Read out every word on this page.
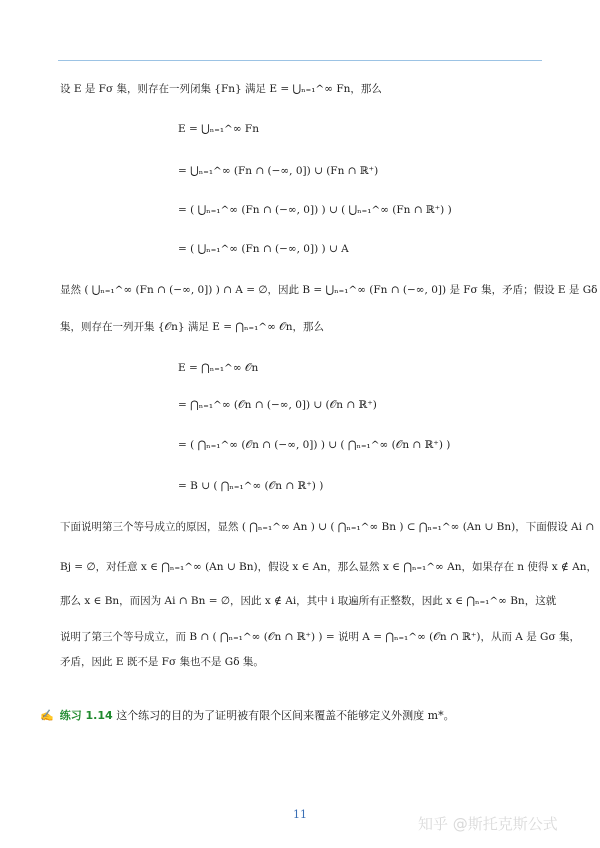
设 E 是 Fσ 集，则存在一列闭集 {Fn} 满足 E = ⋃ₙ₌₁^∞ Fn，那么
E = ⋃ₙ₌₁^∞ Fn
= ⋃ₙ₌₁^∞ (Fn ∩ (−∞, 0]) ∪ (Fn ∩ ℝ⁺)
= ( ⋃ₙ₌₁^∞ (Fn ∩ (−∞, 0]) ) ∪ ( ⋃ₙ₌₁^∞ (Fn ∩ ℝ⁺) )
= ( ⋃ₙ₌₁^∞ (Fn ∩ (−∞, 0]) ) ∪ A
显然 ( ⋃ₙ₌₁^∞ (Fn ∩ (−∞, 0]) ) ∩ A = ∅，因此 B = ⋃ₙ₌₁^∞ (Fn ∩ (−∞, 0]) 是 Fσ 集，矛盾；假设 E 是 Gδ
集，则存在一列开集 {𝒪n} 满足 E = ⋂ₙ₌₁^∞ 𝒪n，那么
E = ⋂ₙ₌₁^∞ 𝒪n
= ⋂ₙ₌₁^∞ (𝒪n ∩ (−∞, 0]) ∪ (𝒪n ∩ ℝ⁺)
= ( ⋂ₙ₌₁^∞ (𝒪n ∩ (−∞, 0]) ) ∪ ( ⋂ₙ₌₁^∞ (𝒪n ∩ ℝ⁺) )
= B ∪ ( ⋂ₙ₌₁^∞ (𝒪n ∩ ℝ⁺) )
下面说明第三个等号成立的原因，显然 ( ⋂ₙ₌₁^∞ An ) ∪ ( ⋂ₙ₌₁^∞ Bn ) ⊂ ⋂ₙ₌₁^∞ (An ∪ Bn)，下面假设 Ai ∩
Bj = ∅，对任意 x ∈ ⋂ₙ₌₁^∞ (An ∪ Bn)，假设 x ∈ An，那么显然 x ∈ ⋂ₙ₌₁^∞ An，如果存在 n 使得 x ∉ An，
那么 x ∈ Bn，而因为 Ai ∩ Bn = ∅，因此 x ∉ Ai，其中 i 取遍所有正整数，因此 x ∈ ⋂ₙ₌₁^∞ Bn，这就
说明了第三个等号成立，而 B ∩ ( ⋂ₙ₌₁^∞ (𝒪n ∩ ℝ⁺) ) = 说明 A = ⋂ₙ₌₁^∞ (𝒪n ∩ ℝ⁺)，从而 A 是 Gσ 集，
矛盾，因此 E 既不是 Fσ 集也不是 Gδ 集。
✍ 练习 1.14 这个练习的目的为了证明被有限个区间来覆盖不能够定义外测度 m*。
11
知乎 @斯托克斯公式
